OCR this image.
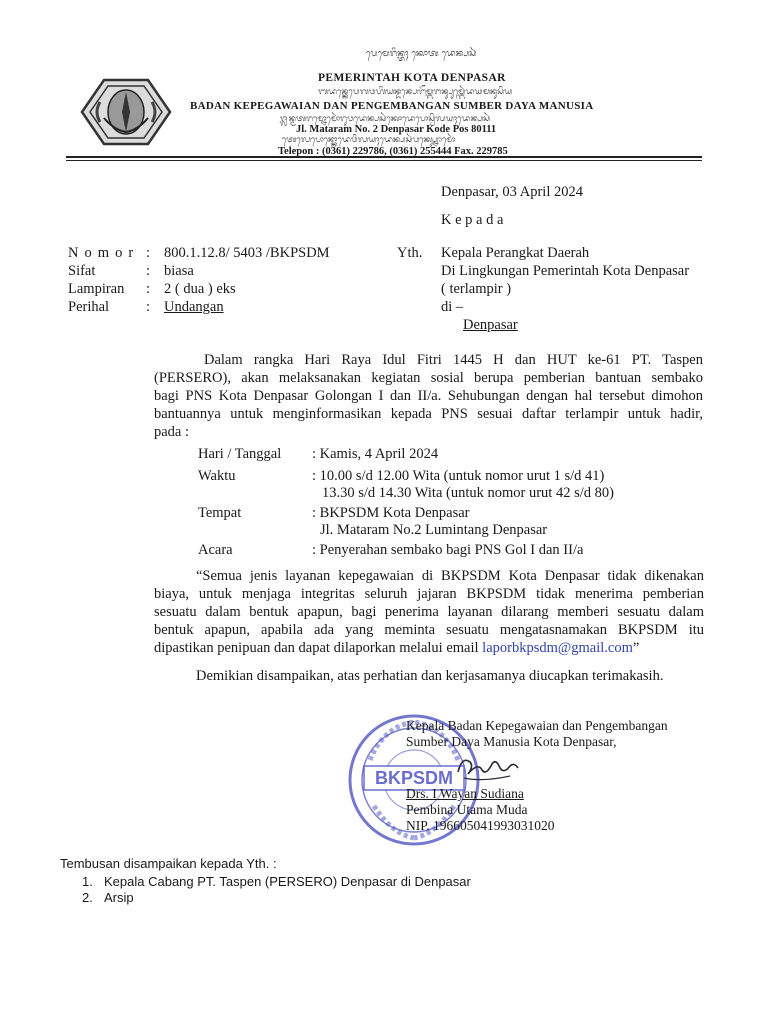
ᬧᬾᬫᬾᬭᬶᬦ᭄ᬢᬄ ᬓᭀᬢ ᬤᬾᬦ᭄ᬧᬲᬃ
PEMERINTAH KOTA DENPASAR
ᬩᬤᬦ᭄ᬓᬾᬧᬾᬕᬯᬳᬶᬬᬦ᭄ᬤᬦ᭄ᬧᬾᬗᭂᬫ᭄ᬩᬗᬦ᭄ᬲᬸᬫ᭄ᬩᬾᬃᬤᬬᬫᬦᬸᬲᬶᬬ
BADAN KEPEGAWAIAN DAN PENGEMBANGAN SUMBER DAYA MANUSIA
ᬚ᭄ᬮᬦ᭄ᬫᬢᬭᬫ᭄ᬦᭀᬫᭀᬃᬭᬸᬯᬤᬾᬦ᭄ᬧᬲᬃᬓᭀᬤᬾᬧᭀᬲ᭄ᬯᬶᬮᬬᬄᬤᬾᬦ᭄ᬧᬲᬃ
Jl. Mataram No. 2 Denpasar Kode Pos 80111
ᬢᬾᬮᬾᬧᭀᬦ᭄ᬓᭀᬤᬾᬯᬶᬮᬬᬄᬤᬾᬦ᭄ᬧᬲᬃᬧᬓ᭄ᬲ᭄ᬦᭀᬫᭀᬃ
Telepon : (0361) 229786, (0361) 255444 Fax. 229785
Denpasar, 03 April 2024
K e p a d a
N o m o r : 800.1.12.8/ 5403 /BKPSDM
Sifat	: biasa
Lampiran : 2 ( dua ) eks
Perihal	: Undangan
Yth. Kepala Perangkat Daerah
Di Lingkungan Pemerintah Kota Denpasar
( terlampir )
di –
Denpasar
Dalam rangka Hari Raya Idul Fitri 1445 H dan HUT ke-61 PT. Taspen
(PERSERO), akan melaksanakan kegiatan sosial berupa pemberian bantuan sembako
bagi PNS Kota Denpasar Golongan I dan II/a. Sehubungan dengan hal tersebut dimohon
bantuannya untuk menginformasikan kepada PNS sesuai daftar terlampir untuk hadir,
pada :
Hari / Tanggal : Kamis, 4 April 2024
Waktu	: 10.00 s/d 12.00 Wita (untuk nomor urut 1 s/d 41)
13.30 s/d 14.30 Wita (untuk nomor urut 42 s/d 80)
Tempat	: BKPSDM Kota Denpasar
Jl. Mataram No.2 Lumintang Denpasar
Acara	: Penyerahan sembako bagi PNS Gol I dan II/a
“Semua jenis layanan kepegawaian di BKPSDM Kota Denpasar tidak dikenakan
biaya, untuk menjaga integritas seluruh jajaran BKPSDM tidak menerima pemberian
sesuatu dalam bentuk apapun, bagi penerima layanan dilarang memberi sesuatu dalam
bentuk apapun, apabila ada yang meminta sesuatu mengatasnamakan BKPSDM itu
dipastikan penipuan dan dapat dilaporkan melalui email laporbkpsdm@gmail.com”
Demikian disampaikan, atas perhatian dan kerjasamanya diucapkan terimakasih.
BKPSDM
Kepala Badan Kepegawaian dan Pengembangan
Sumber Daya Manusia Kota Denpasar,
Drs. I Wayan Sudiana
Pembina Utama Muda
NIP. 196605041993031020
Tembusan disampaikan kepada Yth. :
1. Kepala Cabang PT. Taspen (PERSERO) Denpasar di Denpasar
2. Arsip
